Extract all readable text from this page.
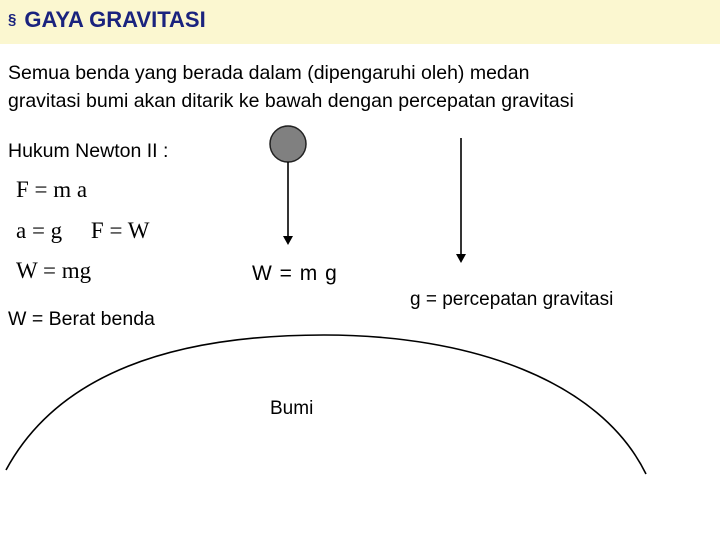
§ GAYA GRAVITASI
Semua benda yang berada dalam (dipengaruhi oleh) medan
gravitasi bumi akan ditarik ke bawah dengan percepatan gravitasi
Hukum Newton II :
F = m a
a = g     F = W
W = mg	W = m g
W = Berat benda
g = percepatan gravitasi
Bumi
